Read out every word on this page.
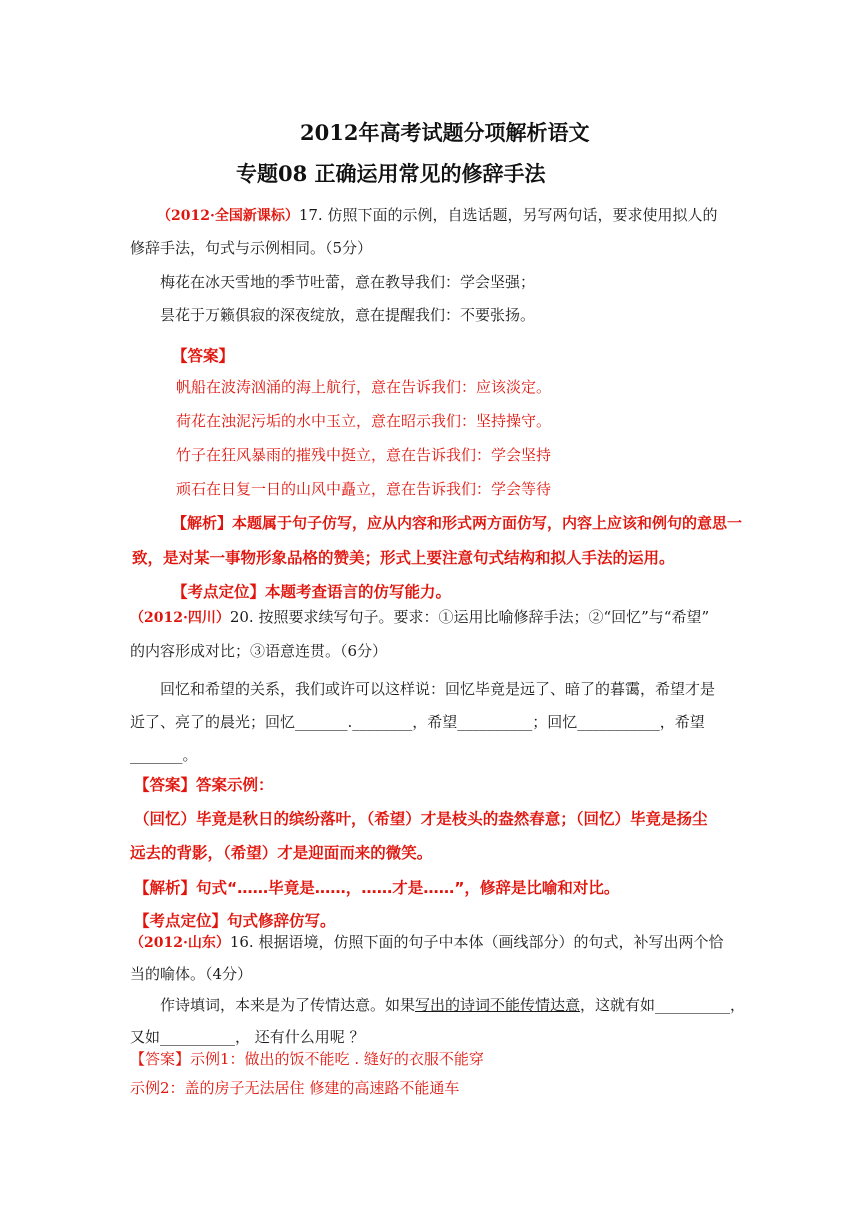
2012年高考试题分项解析语文
专题08 正确运用常见的修辞手法
（2012·全国新课标）17. 仿照下面的示例，自选话题，另写两句话，要求使用拟人的
修辞手法，句式与示例相同。（5分）
梅花在冰天雪地的季节吐蕾，意在教导我们：学会坚强；
昙花于万籁俱寂的深夜绽放，意在提醒我们：不要张扬。
【答案】
帆船在波涛汹涌的海上航行，意在告诉我们：应该淡定。
荷花在浊泥污垢的水中玉立，意在昭示我们：坚持操守。
竹子在狂风暴雨的摧残中挺立，意在告诉我们：学会坚持
顽石在日复一日的山风中矗立，意在告诉我们：学会等待
【解析】本题属于句子仿写，应从内容和形式两方面仿写，内容上应该和例句的意思一
致，是对某一事物形象品格的赞美；形式上要注意句式结构和拟人手法的运用。
【考点定位】本题考查语言的仿写能力。
（2012·四川）20. 按照要求续写句子。要求：①运用比喻修辞手法；②“回忆”与“希望”
的内容形成对比；③语意连贯。（6分）
回忆和希望的关系，我们或许可以这样说：回忆毕竟是远了、暗了的暮霭，希望才是
近了、亮了的晨光；回忆_______.________，希望__________；回忆___________，希望
_______。
【答案】答案示例：
（回忆）毕竟是秋日的缤纷落叶，（希望）才是枝头的盎然春意；（回忆）毕竟是扬尘
远去的背影，（希望）才是迎面而来的微笑。
【解析】句式“……毕竟是……，……才是……”，修辞是比喻和对比。
【考点定位】句式修辞仿写。
（2012·山东）16. 根据语境，仿照下面的句子中本体（画线部分）的句式，补写出两个恰
当的喻体。（4分）
作诗填词，本来是为了传情达意。如果写出的诗词不能传情达意，这就有如__________，
又如__________， 还有什么用呢 ？
【答案】示例1：做出的饭不能吃 . 缝好的衣服不能穿
示例2：盖的房子无法居住 修建的高速路不能通车
